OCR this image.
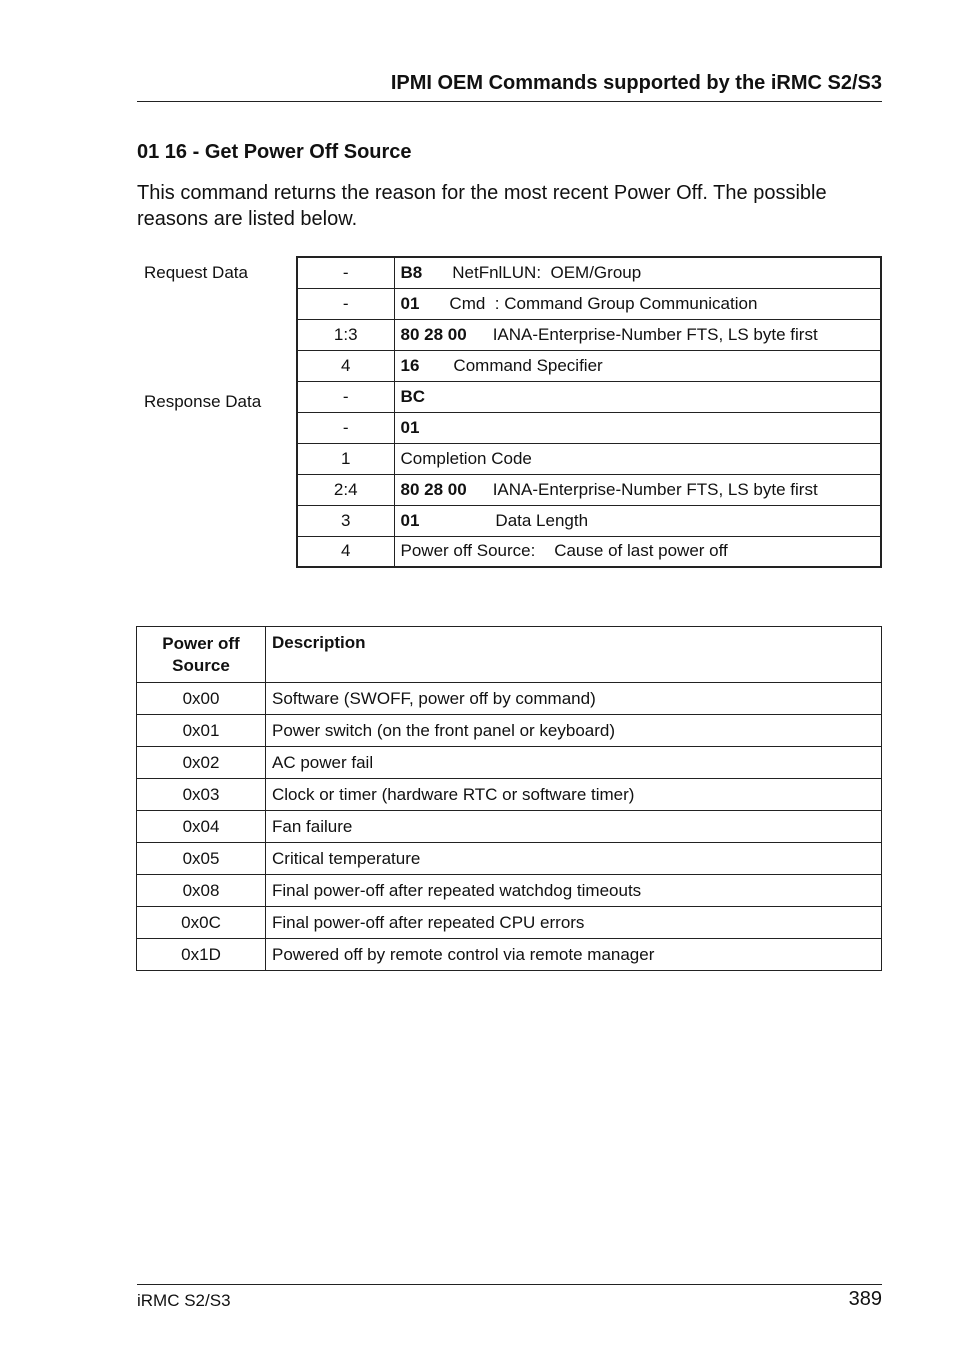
IPMI OEM Commands supported by the iRMC S2/S3
01 16 - Get Power Off Source
This command returns the reason for the most recent Power Off. The possible reasons are listed below.
Request Data
Response Data
-	B8 NetFnlLUN:  OEM/Group
-	01 Cmd  : Command Group Communication
1:3	80 28 00 IANA-Enterprise-Number FTS, LS byte first
4	16 Command Specifier
-	BC
-	01
1	Completion Code
2:4	80 28 00 IANA-Enterprise-Number FTS, LS byte first
3	01 Data Length
4	Power off Source:    Cause of last power off
Power off
Source	Description
0x00	Software (SWOFF, power off by command)
0x01	Power switch (on the front panel or keyboard)
0x02	AC power fail
0x03	Clock or timer (hardware RTC or software timer)
0x04	Fan failure
0x05	Critical temperature
0x08	Final power-off after repeated watchdog timeouts
0x0C	Final power-off after repeated CPU errors
0x1D	Powered off by remote control via remote manager
iRMC S2/S3	389
